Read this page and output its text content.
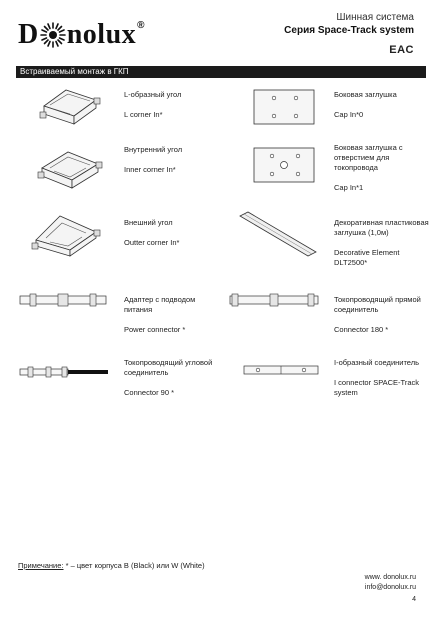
D nolux®
Шинная система
Серия Space-Track system
EAC
Встраиваемый монтаж в ГКП
L-образный угол
L corner In*
Боковая заглушка
Cap In*0
Внутренний угол
Inner corner In*
Боковая заглушка с
отверстием для
токопровода
Cap In*1
Внешний угол
Outter corner In*
Декоративная пластиковая
заглушка (1,0м)
Decorative Element
DLT2500*
Адаптер с подводом
питания
Power connector *
Токопроводящий прямой
соединитель
Connector 180 *
Токопроводящий угловой
соединитель
Connector 90 *
I-образный соединитель
I connector SPACE-Track
system
Примечание: * – цвет корпуса B (Black) или W (White)
www. donolux.ru
info@donolux.ru
4
